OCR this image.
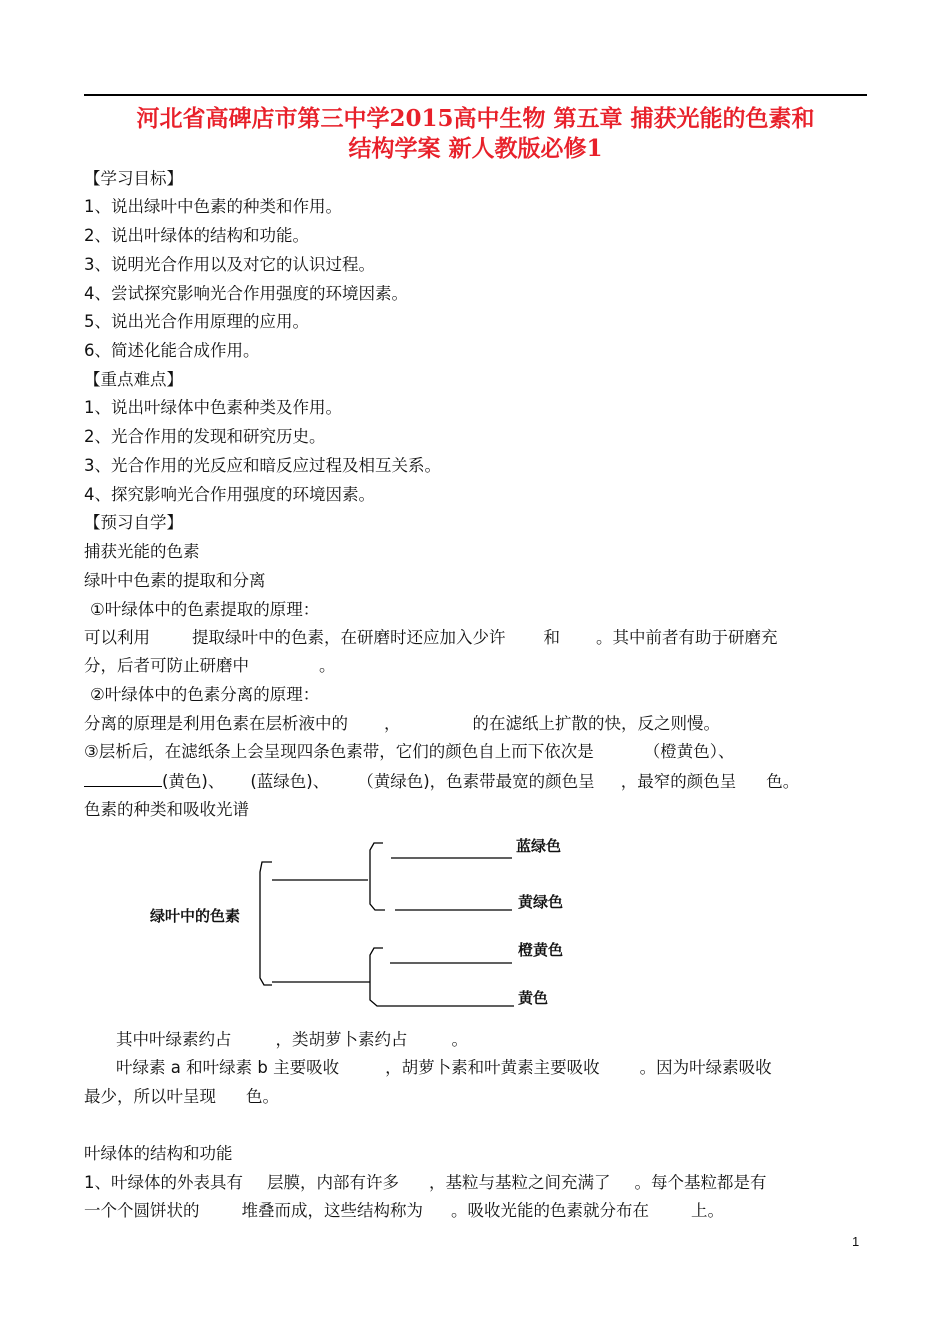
河北省高碑店市第三中学2015高中生物 第五章 捕获光能的色素和
结构学案 新人教版必修1
【学习目标】
1、说出绿叶中色素的种类和作用。
2、说出叶绿体的结构和功能。
3、说明光合作用以及对它的认识过程。
4、尝试探究影响光合作用强度的环境因素。
5、说出光合作用原理的应用。
6、简述化能合成作用。
【重点难点】
1、说出叶绿体中色素种类及作用。
2、光合作用的发现和研究历史。
3、光合作用的光反应和暗反应过程及相互关系。
4、探究影响光合作用强度的环境因素。
【预习自学】
捕获光能的色素
绿叶中色素的提取和分离
①叶绿体中的色素提取的原理：
可以利用	提取绿叶中的色素，在研磨时还应加入少许 和 。其中前者有助于研磨充
分，后者可防止研磨中	。
②叶绿体中的色素分离的原理：
分离的原理是利用色素在层析液中的 ，	的在滤纸上扩散的快，反之则慢。
③层析后，在滤纸条上会呈现四条色素带，它们的颜色自上而下依次是	（橙黄色）、
(黄色)、 (蓝绿色)、 （黄绿色)，色素带最宽的颜色呈 ，最窄的颜色呈 色。
色素的种类和吸收光谱
绿叶中的色素
蓝绿色
黄绿色
橙黄色
黄色
其中叶绿素约占	，类胡萝卜素约占	。
叶绿素 a 和叶绿素 b 主要吸收	，胡萝卜素和叶黄素主要吸收 。因为叶绿素吸收
最少，所以叶呈现 色。
叶绿体的结构和功能
1、叶绿体的外表具有 层膜，内部有许多 ，基粒与基粒之间充满了 。每个基粒都是有
一个个圆饼状的	堆叠而成，这些结构称为 。吸收光能的色素就分布在	上。
1
